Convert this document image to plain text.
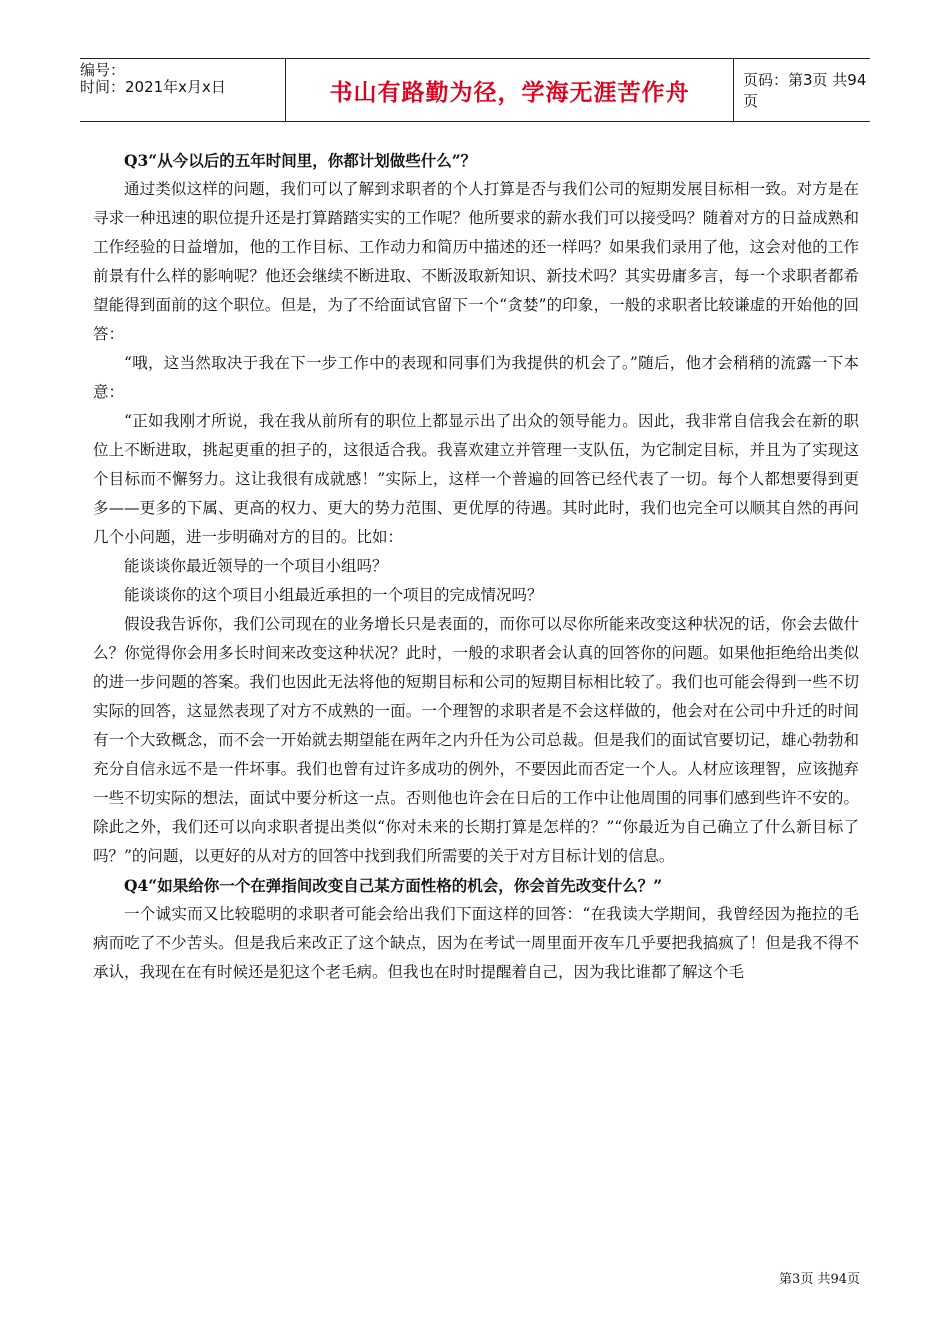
编号：
时间：2021年x月x日	书山有路勤为径，学海无涯苦作舟	页码：第3页 共94页

Q3“从今以后的五年时间里，你都计划做些什么”？

通过类似这样的问题，我们可以了解到求职者的个人打算是否与我们公司的短期发展目标相一致。对方是在寻求一种迅速的职位提升还是打算踏踏实实的工作呢？他所要求的薪水我们可以接受吗？随着对方的日益成熟和工作经验的日益增加，他的工作目标、工作动力和简历中描述的还一样吗？如果我们录用了他，这会对他的工作前景有什么样的影响呢？他还会继续不断进取、不断汲取新知识、新技术吗？其实毋庸多言，每一个求职者都希望能得到面前的这个职位。但是，为了不给面试官留下一个“贪婪”的印象，一般的求职者比较谦虚的开始他的回答：

“哦，这当然取决于我在下一步工作中的表现和同事们为我提供的机会了。”随后，他才会稍稍的流露一下本意：

“正如我刚才所说，我在我从前所有的职位上都显示出了出众的领导能力。因此，我非常自信我会在新的职位上不断进取，挑起更重的担子的，这很适合我。我喜欢建立并管理一支队伍，为它制定目标，并且为了实现这个目标而不懈努力。这让我很有成就感！”实际上，这样一个普遍的回答已经代表了一切。每个人都想要得到更多——更多的下属、更高的权力、更大的势力范围、更优厚的待遇。其时此时，我们也完全可以顺其自然的再问几个小问题，进一步明确对方的目的。比如：

能谈谈你最近领导的一个项目小组吗？

能谈谈你的这个项目小组最近承担的一个项目的完成情况吗？

假设我告诉你，我们公司现在的业务增长只是表面的，而你可以尽你所能来改变这种状况的话，你会去做什么？你觉得你会用多长时间来改变这种状况？此时，一般的求职者会认真的回答你的问题。如果他拒绝给出类似的进一步问题的答案。我们也因此无法将他的短期目标和公司的短期目标相比较了。我们也可能会得到一些不切实际的回答，这显然表现了对方不成熟的一面。一个理智的求职者是不会这样做的，他会对在公司中升迁的时间有一个大致概念，而不会一开始就去期望能在两年之内升任为公司总裁。但是我们的面试官要切记，雄心勃勃和充分自信永远不是一件坏事。我们也曾有过许多成功的例外，不要因此而否定一个人。人材应该理智，应该抛弃一些不切实际的想法，面试中要分析这一点。否则他也许会在日后的工作中让他周围的同事们感到些许不安的。除此之外，我们还可以向求职者提出类似“你对未来的长期打算是怎样的？”“你最近为自己确立了什么新目标了吗？”的问题，以更好的从对方的回答中找到我们所需要的关于对方目标计划的信息。

Q4“如果给你一个在弹指间改变自己某方面性格的机会，你会首先改变什么？”

一个诚实而又比较聪明的求职者可能会给出我们下面这样的回答：“在我读大学期间，我曾经因为拖拉的毛病而吃了不少苦头。但是我后来改正了这个缺点，因为在考试一周里面开夜车几乎要把我搞疯了！但是我不得不承认，我现在在有时候还是犯这个老毛病。但我也在时时提醒着自己，因为我比谁都了解这个毛

第3页 共94页
